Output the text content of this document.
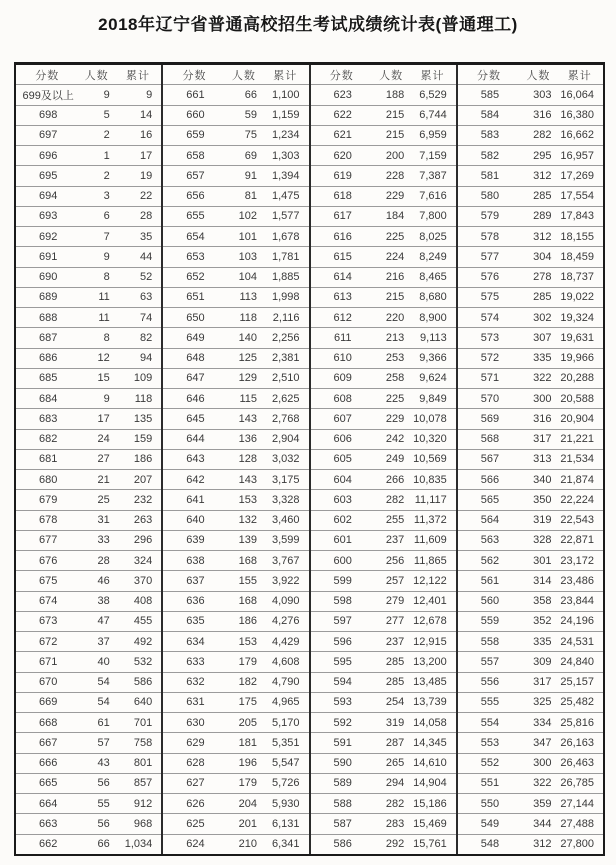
2018年辽宁省普通高校招生考试成绩统计表(普通理工)
分数	人数	累计
699及以上	9	9
698	5	14
697	2	16
696	1	17
695	2	19
694	3	22
693	6	28
692	7	35
691	9	44
690	8	52
689	11	63
688	11	74
687	8	82
686	12	94
685	15	109
684	9	118
683	17	135
682	24	159
681	27	186
680	21	207
679	25	232
678	31	263
677	33	296
676	28	324
675	46	370
674	38	408
673	47	455
672	37	492
671	40	532
670	54	586
669	54	640
668	61	701
667	57	758
666	43	801
665	56	857
664	55	912
663	56	968
662	66	1,034
分数	人数	累计
661	66	1,100
660	59	1,159
659	75	1,234
658	69	1,303
657	91	1,394
656	81	1,475
655	102	1,577
654	101	1,678
653	103	1,781
652	104	1,885
651	113	1,998
650	118	2,116
649	140	2,256
648	125	2,381
647	129	2,510
646	115	2,625
645	143	2,768
644	136	2,904
643	128	3,032
642	143	3,175
641	153	3,328
640	132	3,460
639	139	3,599
638	168	3,767
637	155	3,922
636	168	4,090
635	186	4,276
634	153	4,429
633	179	4,608
632	182	4,790
631	175	4,965
630	205	5,170
629	181	5,351
628	196	5,547
627	179	5,726
626	204	5,930
625	201	6,131
624	210	6,341
分数	人数	累计
623	188	6,529
622	215	6,744
621	215	6,959
620	200	7,159
619	228	7,387
618	229	7,616
617	184	7,800
616	225	8,025
615	224	8,249
614	216	8,465
613	215	8,680
612	220	8,900
611	213	9,113
610	253	9,366
609	258	9,624
608	225	9,849
607	229 10,078
606	242 10,320
605	249 10,569
604	266 10,835
603	282 11,117
602	255 11,372
601	237 11,609
600	256 11,865
599	257 12,122
598	279 12,401
597	277 12,678
596	237 12,915
595	285 13,200
594	285 13,485
593	254 13,739
592	319 14,058
591	287 14,345
590	265 14,610
589	294 14,904
588	282 15,186
587	283 15,469
586	292 15,761
分数	人数	累计
585	303 16,064
584	316 16,380
583	282 16,662
582	295 16,957
581	312 17,269
580	285 17,554
579	289 17,843
578	312 18,155
577	304 18,459
576	278 18,737
575	285 19,022
574	302 19,324
573	307 19,631
572	335 19,966
571	322 20,288
570	300 20,588
569	316 20,904
568	317 21,221
567	313 21,534
566	340 21,874
565	350 22,224
564	319 22,543
563	328 22,871
562	301 23,172
561	314 23,486
560	358 23,844
559	352 24,196
558	335 24,531
557	309 24,840
556	317 25,157
555	325 25,482
554	334 25,816
553	347 26,163
552	300 26,463
551	322 26,785
550	359 27,144
549	344 27,488
548	312 27,800
